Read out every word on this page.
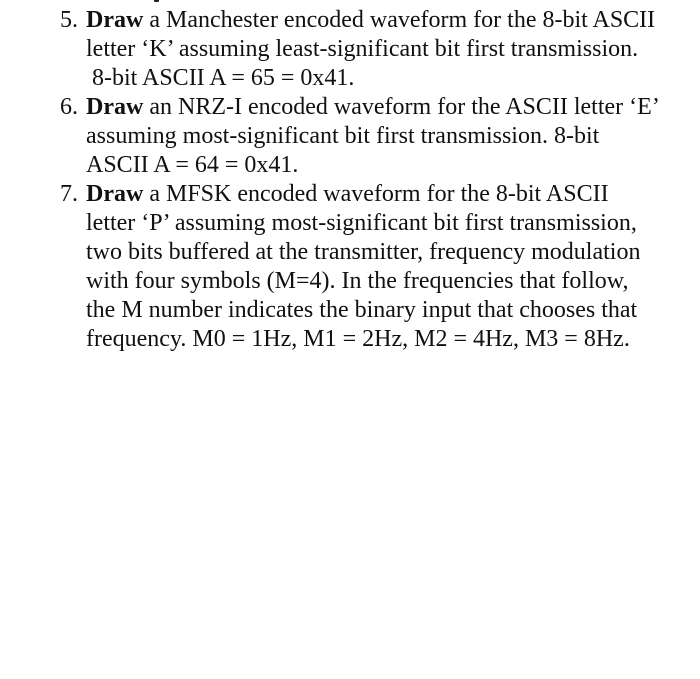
5. Draw a Manchester encoded waveform for the 8-bit ASCII
letter ‘K’ assuming least-significant bit first transmission.
8-bit ASCII A = 65 = 0x41.
6. Draw an NRZ-I encoded waveform for the ASCII letter ‘E’
assuming most-significant bit first transmission. 8-bit
ASCII A = 64 = 0x41.
7. Draw a MFSK encoded waveform for the 8-bit ASCII
letter ‘P’ assuming most-significant bit first transmission,
two bits buffered at the transmitter, frequency modulation
with four symbols (M=4). In the frequencies that follow,
the M number indicates the binary input that chooses that
frequency. M0 = 1Hz, M1 = 2Hz, M2 = 4Hz, M3 = 8Hz.
